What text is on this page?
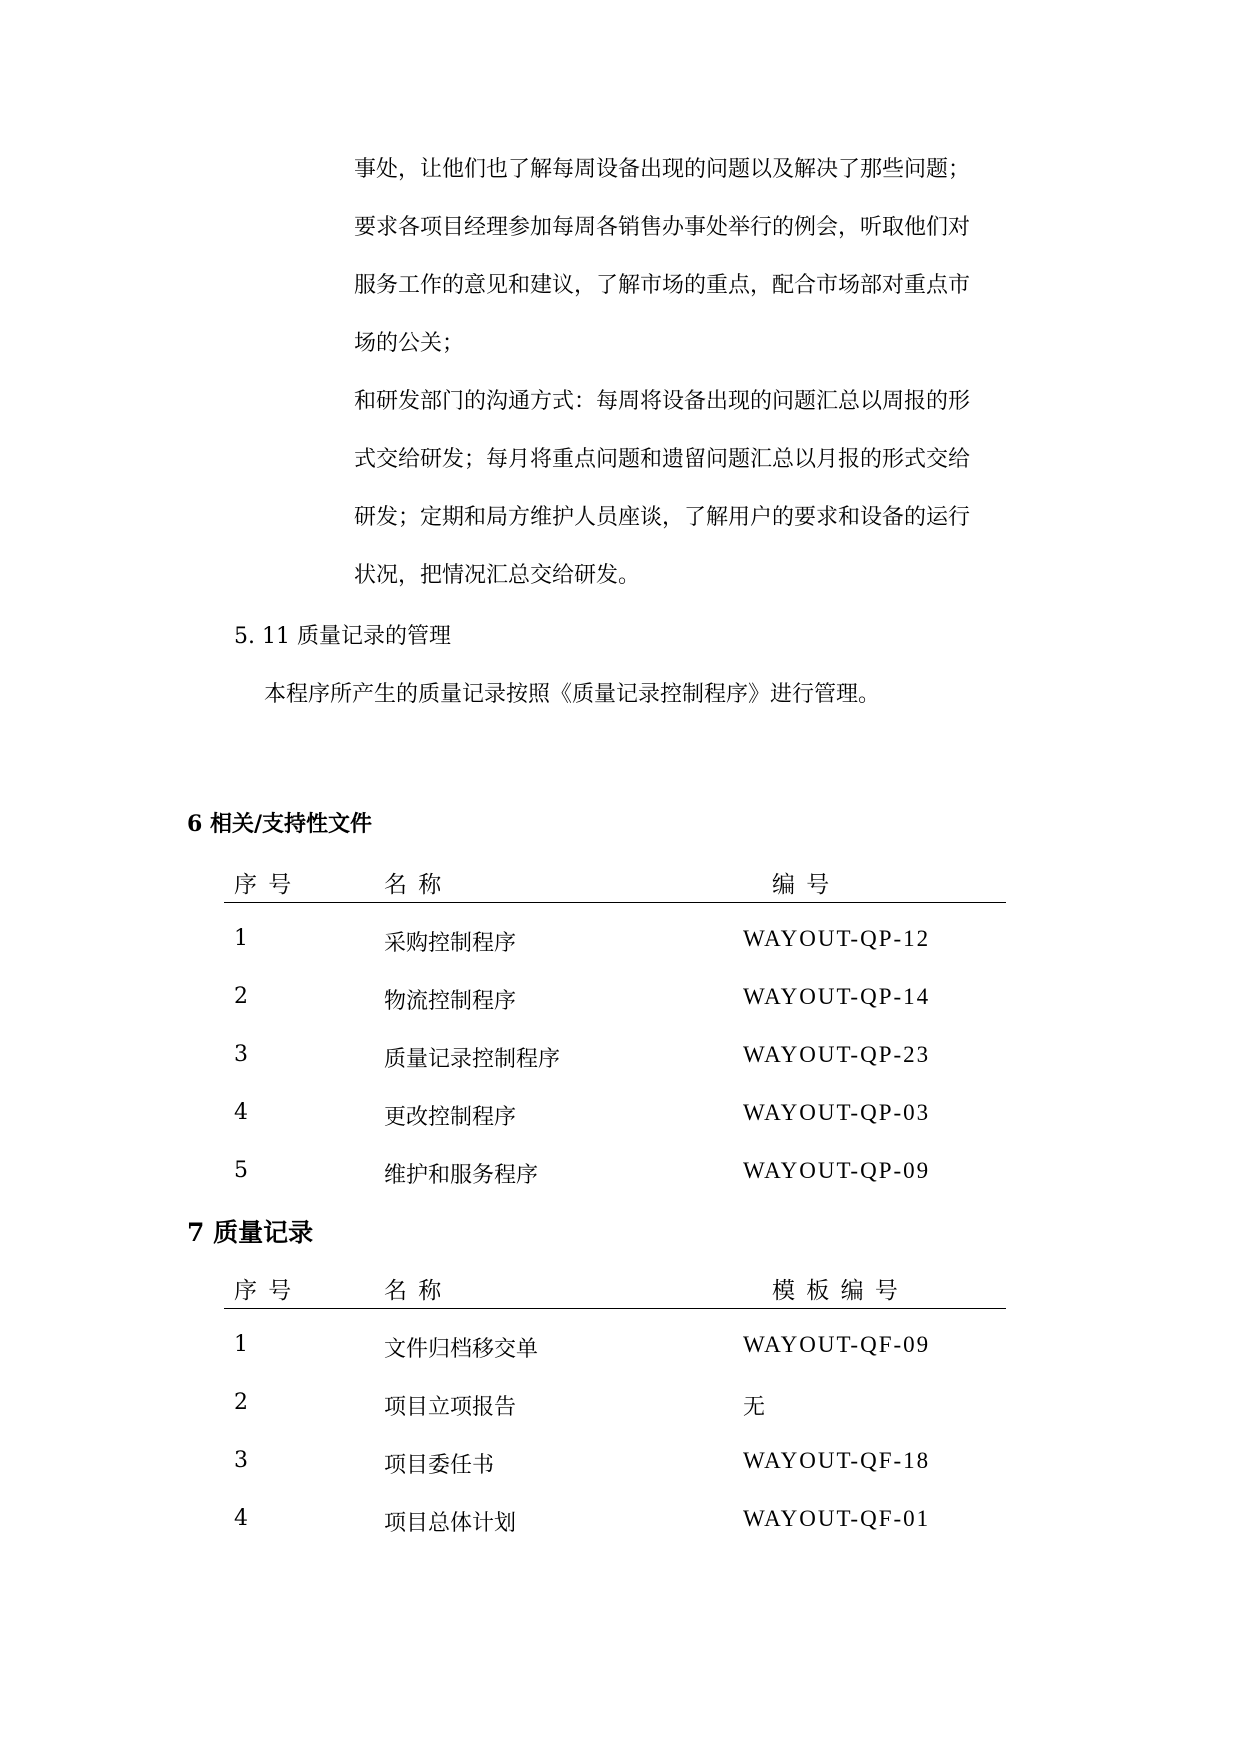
事处，让他们也了解每周设备出现的问题以及解决了那些问题；
要求各项目经理参加每周各销售办事处举行的例会，听取他们对
服务工作的意见和建议，了解市场的重点，配合市场部对重点市
场的公关；
和研发部门的沟通方式：每周将设备出现的问题汇总以周报的形
式交给研发；每月将重点问题和遗留问题汇总以月报的形式交给
研发；定期和局方维护人员座谈，了解用户的要求和设备的运行
状况，把情况汇总交给研发。
5. 11 质量记录的管理
本程序所产生的质量记录按照《质量记录控制程序》进行管理。
6 相关/支持性文件
序 号	名 称	编 号
1	采购控制程序	WAYOUT-QP-12
2	物流控制程序	WAYOUT-QP-14
3	质量记录控制程序	WAYOUT-QP-23
4	更改控制程序	WAYOUT-QP-03
5	维护和服务程序	WAYOUT-QP-09
7 质量记录
序 号	名 称	模 板 编 号
1	文件归档移交单	WAYOUT-QF-09
2	项目立项报告	无
3	项目委任书	WAYOUT-QF-18
4	项目总体计划	WAYOUT-QF-01
